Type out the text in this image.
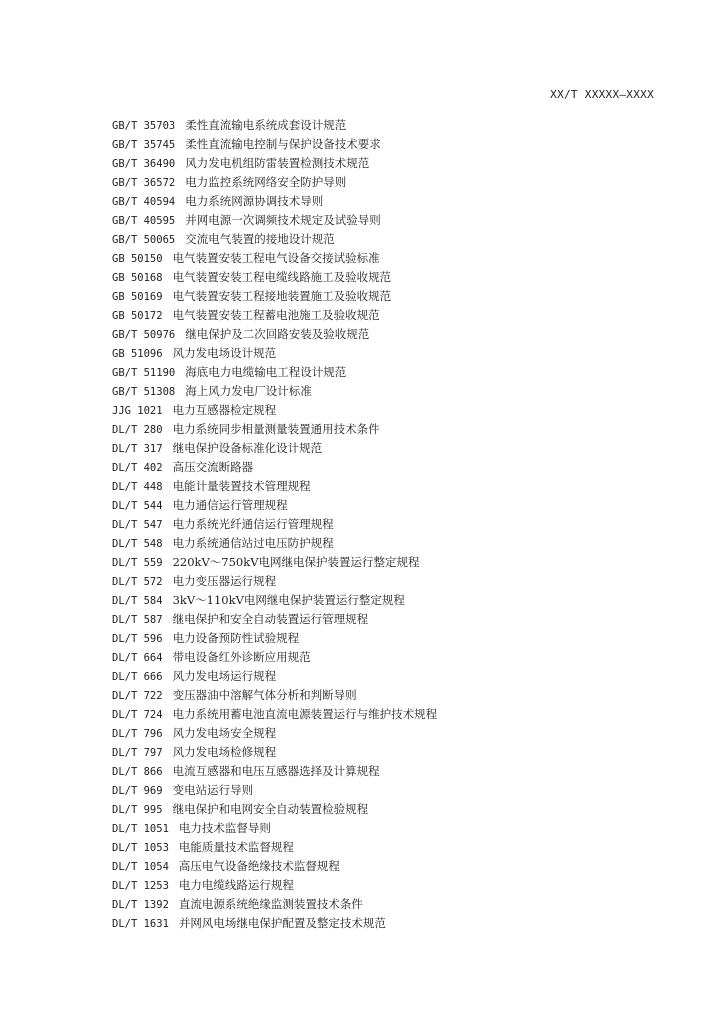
XX/T XXXXX—XXXX
GB/T 35703 柔性直流输电系统成套设计规范
GB/T 35745 柔性直流输电控制与保护设备技术要求
GB/T 36490 风力发电机组防雷装置检测技术规范
GB/T 36572 电力监控系统网络安全防护导则
GB/T 40594 电力系统网源协调技术导则
GB/T 40595 并网电源一次调频技术规定及试验导则
GB/T 50065 交流电气装置的接地设计规范
GB 50150 电气装置安装工程电气设备交接试验标准
GB 50168 电气装置安装工程电缆线路施工及验收规范
GB 50169 电气装置安装工程接地装置施工及验收规范
GB 50172 电气装置安装工程蓄电池施工及验收规范
GB/T 50976 继电保护及二次回路安装及验收规范
GB 51096 风力发电场设计规范
GB/T 51190 海底电力电缆输电工程设计规范
GB/T 51308 海上风力发电厂设计标准
JJG 1021 电力互感器检定规程
DL/T 280 电力系统同步相量测量装置通用技术条件
DL/T 317 继电保护设备标准化设计规范
DL/T 402 高压交流断路器
DL/T 448 电能计量装置技术管理规程
DL/T 544 电力通信运行管理规程
DL/T 547 电力系统光纤通信运行管理规程
DL/T 548 电力系统通信站过电压防护规程
DL/T 559 220kV～750kV电网继电保护装置运行整定规程
DL/T 572 电力变压器运行规程
DL/T 584 3kV～110kV电网继电保护装置运行整定规程
DL/T 587 继电保护和安全自动装置运行管理规程
DL/T 596 电力设备预防性试验规程
DL/T 664 带电设备红外诊断应用规范
DL/T 666 风力发电场运行规程
DL/T 722 变压器油中溶解气体分析和判断导则
DL/T 724 电力系统用蓄电池直流电源装置运行与维护技术规程
DL/T 796 风力发电场安全规程
DL/T 797 风力发电场检修规程
DL/T 866 电流互感器和电压互感器选择及计算规程
DL/T 969 变电站运行导则
DL/T 995 继电保护和电网安全自动装置检验规程
DL/T 1051 电力技术监督导则
DL/T 1053 电能质量技术监督规程
DL/T 1054 高压电气设备绝缘技术监督规程
DL/T 1253 电力电缆线路运行规程
DL/T 1392 直流电源系统绝缘监测装置技术条件
DL/T 1631 并网风电场继电保护配置及整定技术规范
